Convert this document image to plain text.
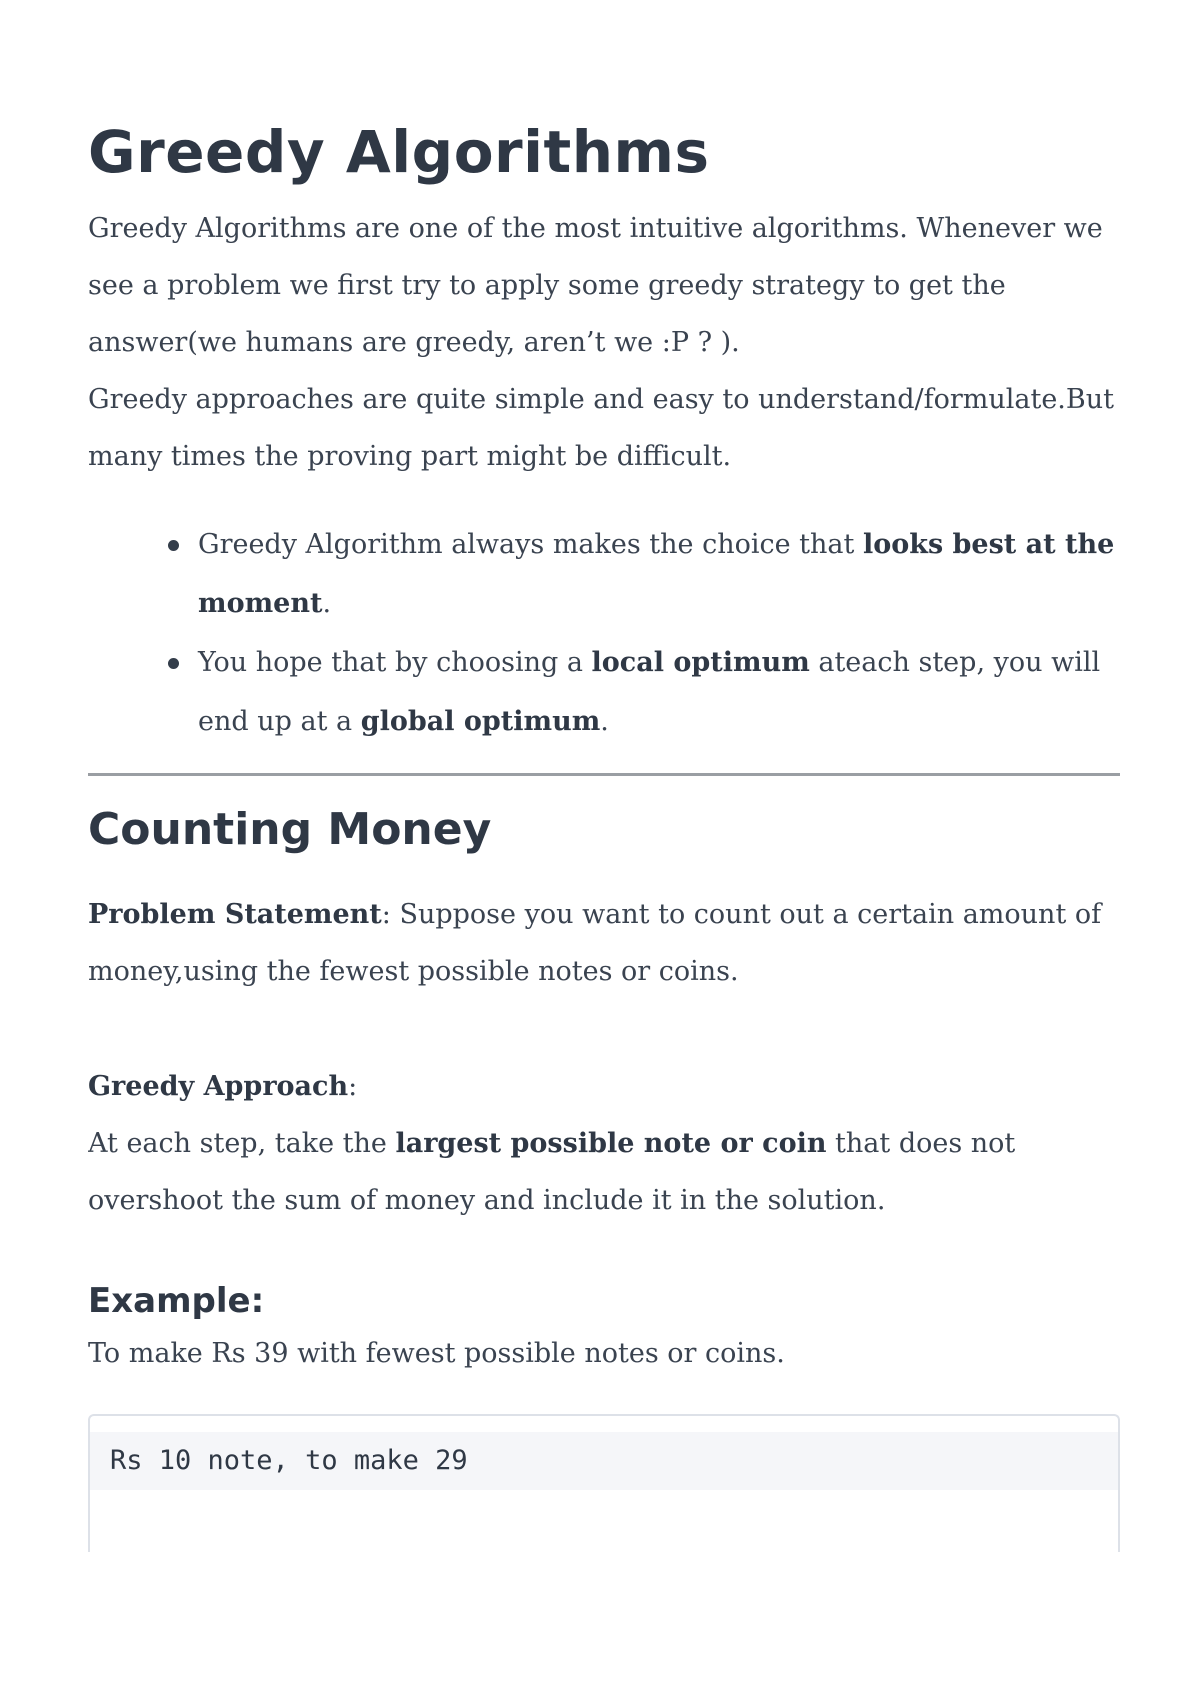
Greedy Algorithms

Greedy Algorithms are one of the most intuitive algorithms. Whenever we see a problem we first try to apply some greedy strategy to get the answer(we humans are greedy, aren’t we :P ? ).

Greedy approaches are quite simple and easy to understand/formulate.But many times the proving part might be difficult.

Greedy Algorithm always makes the choice that looks best at the moment.
You hope that by choosing a local optimum ateach step, you will end up at a global optimum.
Counting Money

Problem Statement: Suppose you want to count out a certain amount of money,using the fewest possible notes or coins.

Greedy Approach:

At each step, take the largest possible note or coin that does not overshoot the sum of money and include it in the solution.

Example:

To make Rs 39 with fewest possible notes or coins.

Rs 10 note, to make 29
